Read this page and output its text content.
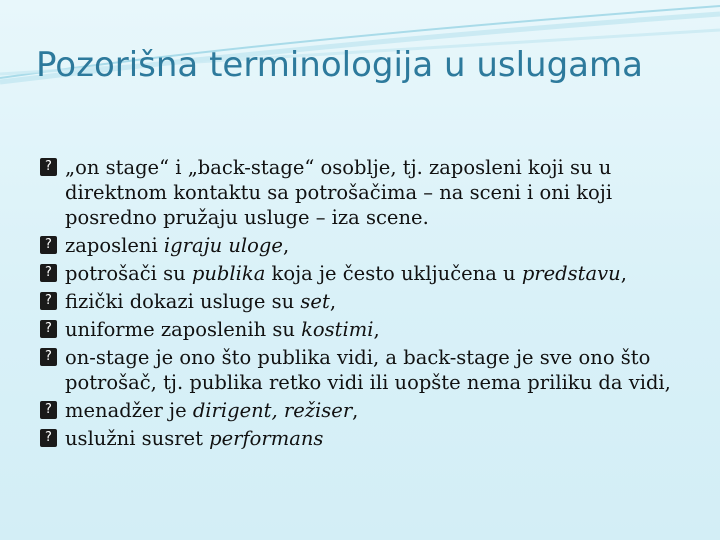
Pozorišna terminologija u uslugama
? „on stage“ i „back-stage“ osoblje, tj. zaposleni koji su u direktnom kontaktu sa potrošačima – na sceni i oni koji posredno pružaju usluge – iza scene.
? zaposleni igraju uloge,
? potrošači su publika koja je često uključena u predstavu,
? fizički dokazi usluge su set,
? uniforme zaposlenih su kostimi,
? on-stage je ono što publika vidi, a back-stage je sve ono što potrošač, tj. publika retko vidi ili uopšte nema priliku da vidi,
? menadžer je dirigent, režiser,
? uslužni susret performans
